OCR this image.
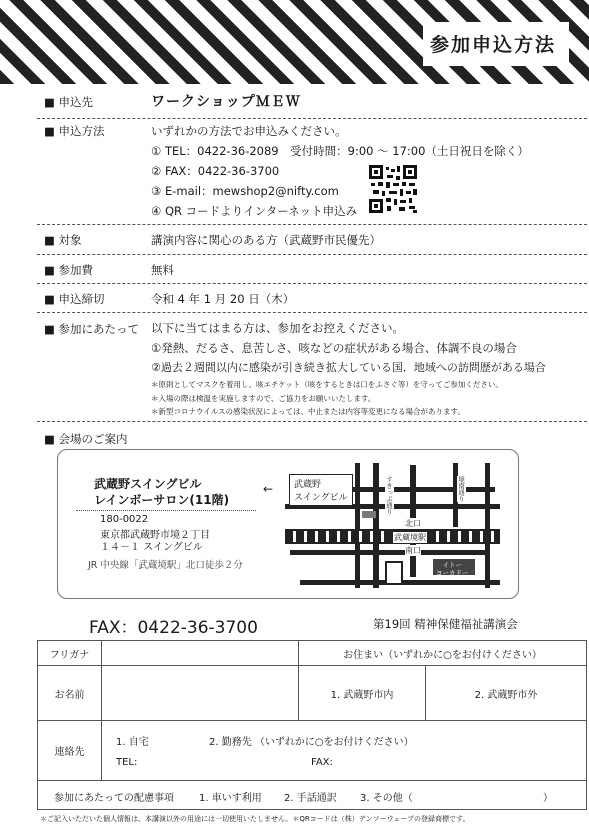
参加申込方法
■ 申込先	ワークショップＭＥＷ
■ 申込方法	いずれかの方法でお申込みください。
① TEL：0422-36-2089　受付時間：9:00 ～ 17:00（土日祝日を除く）
② FAX：0422-36-3700
③ E-mail：mewshop2@nifty.com
④ QR コードよりインターネット申込み
■ 対象	講演内容に関心のある方（武蔵野市民優先）
■ 参加費	無料
■ 申込締切	令和 4 年 1 月 20 日（木）
■ 参加にあたって 以下に当てはまる方は、参加をお控えください。
①発熱、だるさ、息苦しさ、咳などの症状がある場合、体調不良の場合
②過去２週間以内に感染が引き続き拡大している国．地域への訪問歴がある場合
＊原則としてマスクを着用し、咳エチケット（咳をするときは口をふさぐ等）を守ってご参加ください。
＊入場の際は検温を実施しますので、ご協力をお願いいたします。
＊新型コロナウイルスの感染状況によっては、中止または内容等変更になる場合があります。
■ 会場のご案内
武蔵野スイングビル
レインボーサロン(11階)
180-0022
東京都武蔵野市境２丁目
１４－１ スイングビル
JR 中央線「武蔵境駅」北口徒歩２分
← 武蔵野
スイングビル
北口
武蔵境駅
南口
イトー
ヨーカドー
すきっぷ通り	境南通り
FAX：0422-36-3700	第19回 精神保健福祉講演会
フリガナ		お住まい（いずれかに○をお付けください）	
お名前		1. 武蔵野市内	2. 武蔵野市外
連絡先	1. 自宅 2. 勤務先 （いずれかに○をお付けください）
TEL: FAX:		

参加にあたっての配慮事項 1. 車いす利用 2. 手話通訳 3. その他（ ）			
＊ご記入いただいた個人情報は、本講演以外の用途には一切使用いたしません。＊QRコードは（株）デンソーウェーブの登録商標です。
